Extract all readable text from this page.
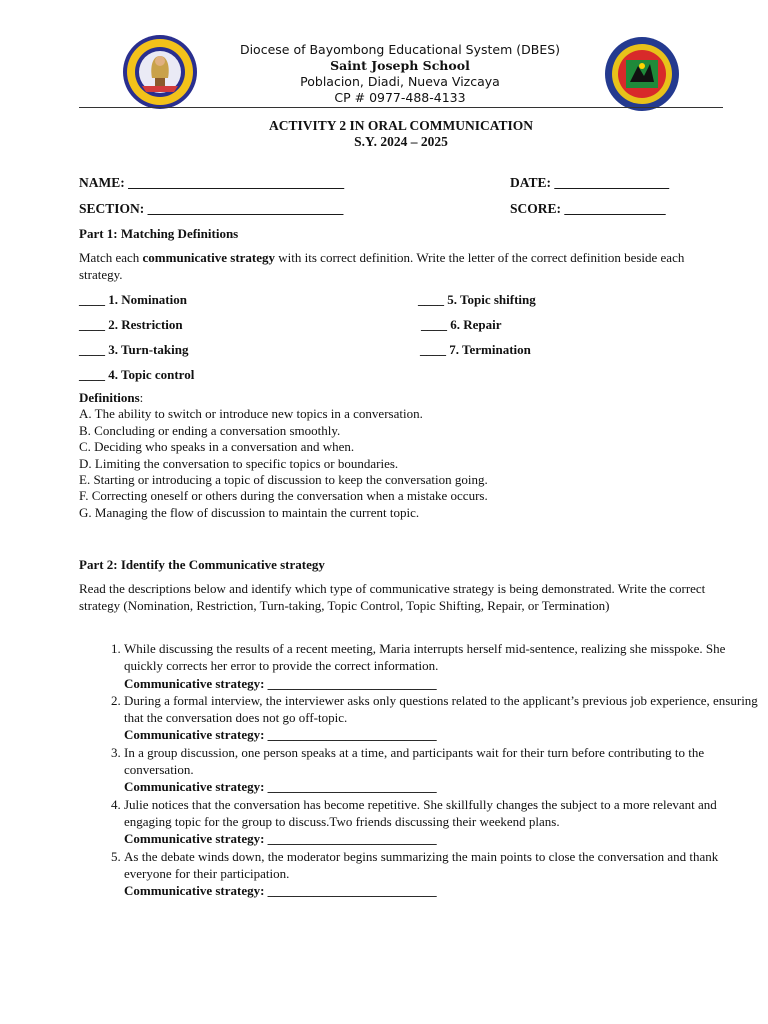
Diocese of Bayombong Educational System (DBES)
Saint Joseph School
Poblacion, Diadi, Nueva Vizcaya
CP # 0977-488-4133
ACTIVITY 2 IN ORAL COMMUNICATION
S.Y. 2024 – 2025
NAME: ________________________________	DATE: _________________
SECTION: _____________________________	SCORE: _______________
Part 1: Matching Definitions
Match each communicative strategy with its correct definition. Write the letter of the correct definition beside each strategy.
____ 1. Nomination
____ 2. Restriction
____ 3. Turn-taking
____ 4. Topic control
____ 5. Topic shifting
____ 6. Repair
____ 7. Termination
Definitions:
A. The ability to switch or introduce new topics in a conversation.
B. Concluding or ending a conversation smoothly.
C. Deciding who speaks in a conversation and when.
D. Limiting the conversation to specific topics or boundaries.
E. Starting or introducing a topic of discussion to keep the conversation going.
F. Correcting oneself or others during the conversation when a mistake occurs.
G. Managing the flow of discussion to maintain the current topic.
Part 2: Identify the Communicative strategy
Read the descriptions below and identify which type of communicative strategy is being demonstrated. Write the correct strategy (Nomination, Restriction, Turn-taking, Topic Control, Topic Shifting, Repair, or Termination)
1. While discussing the results of a recent meeting, Maria interrupts herself mid-sentence, realizing she misspoke. She quickly corrects her error to provide the correct information.
Communicative strategy: __________________________
2. During a formal interview, the interviewer asks only questions related to the applicant’s previous job experience, ensuring that the conversation does not go off-topic.
Communicative strategy: __________________________
3. In a group discussion, one person speaks at a time, and participants wait for their turn before contributing to the conversation.
Communicative strategy: __________________________
4. Julie notices that the conversation has become repetitive. She skillfully changes the subject to a more relevant and engaging topic for the group to discuss.Two friends discussing their weekend plans.
Communicative strategy: __________________________
5. As the debate winds down, the moderator begins summarizing the main points to close the conversation and thank everyone for their participation.
Communicative strategy: __________________________
